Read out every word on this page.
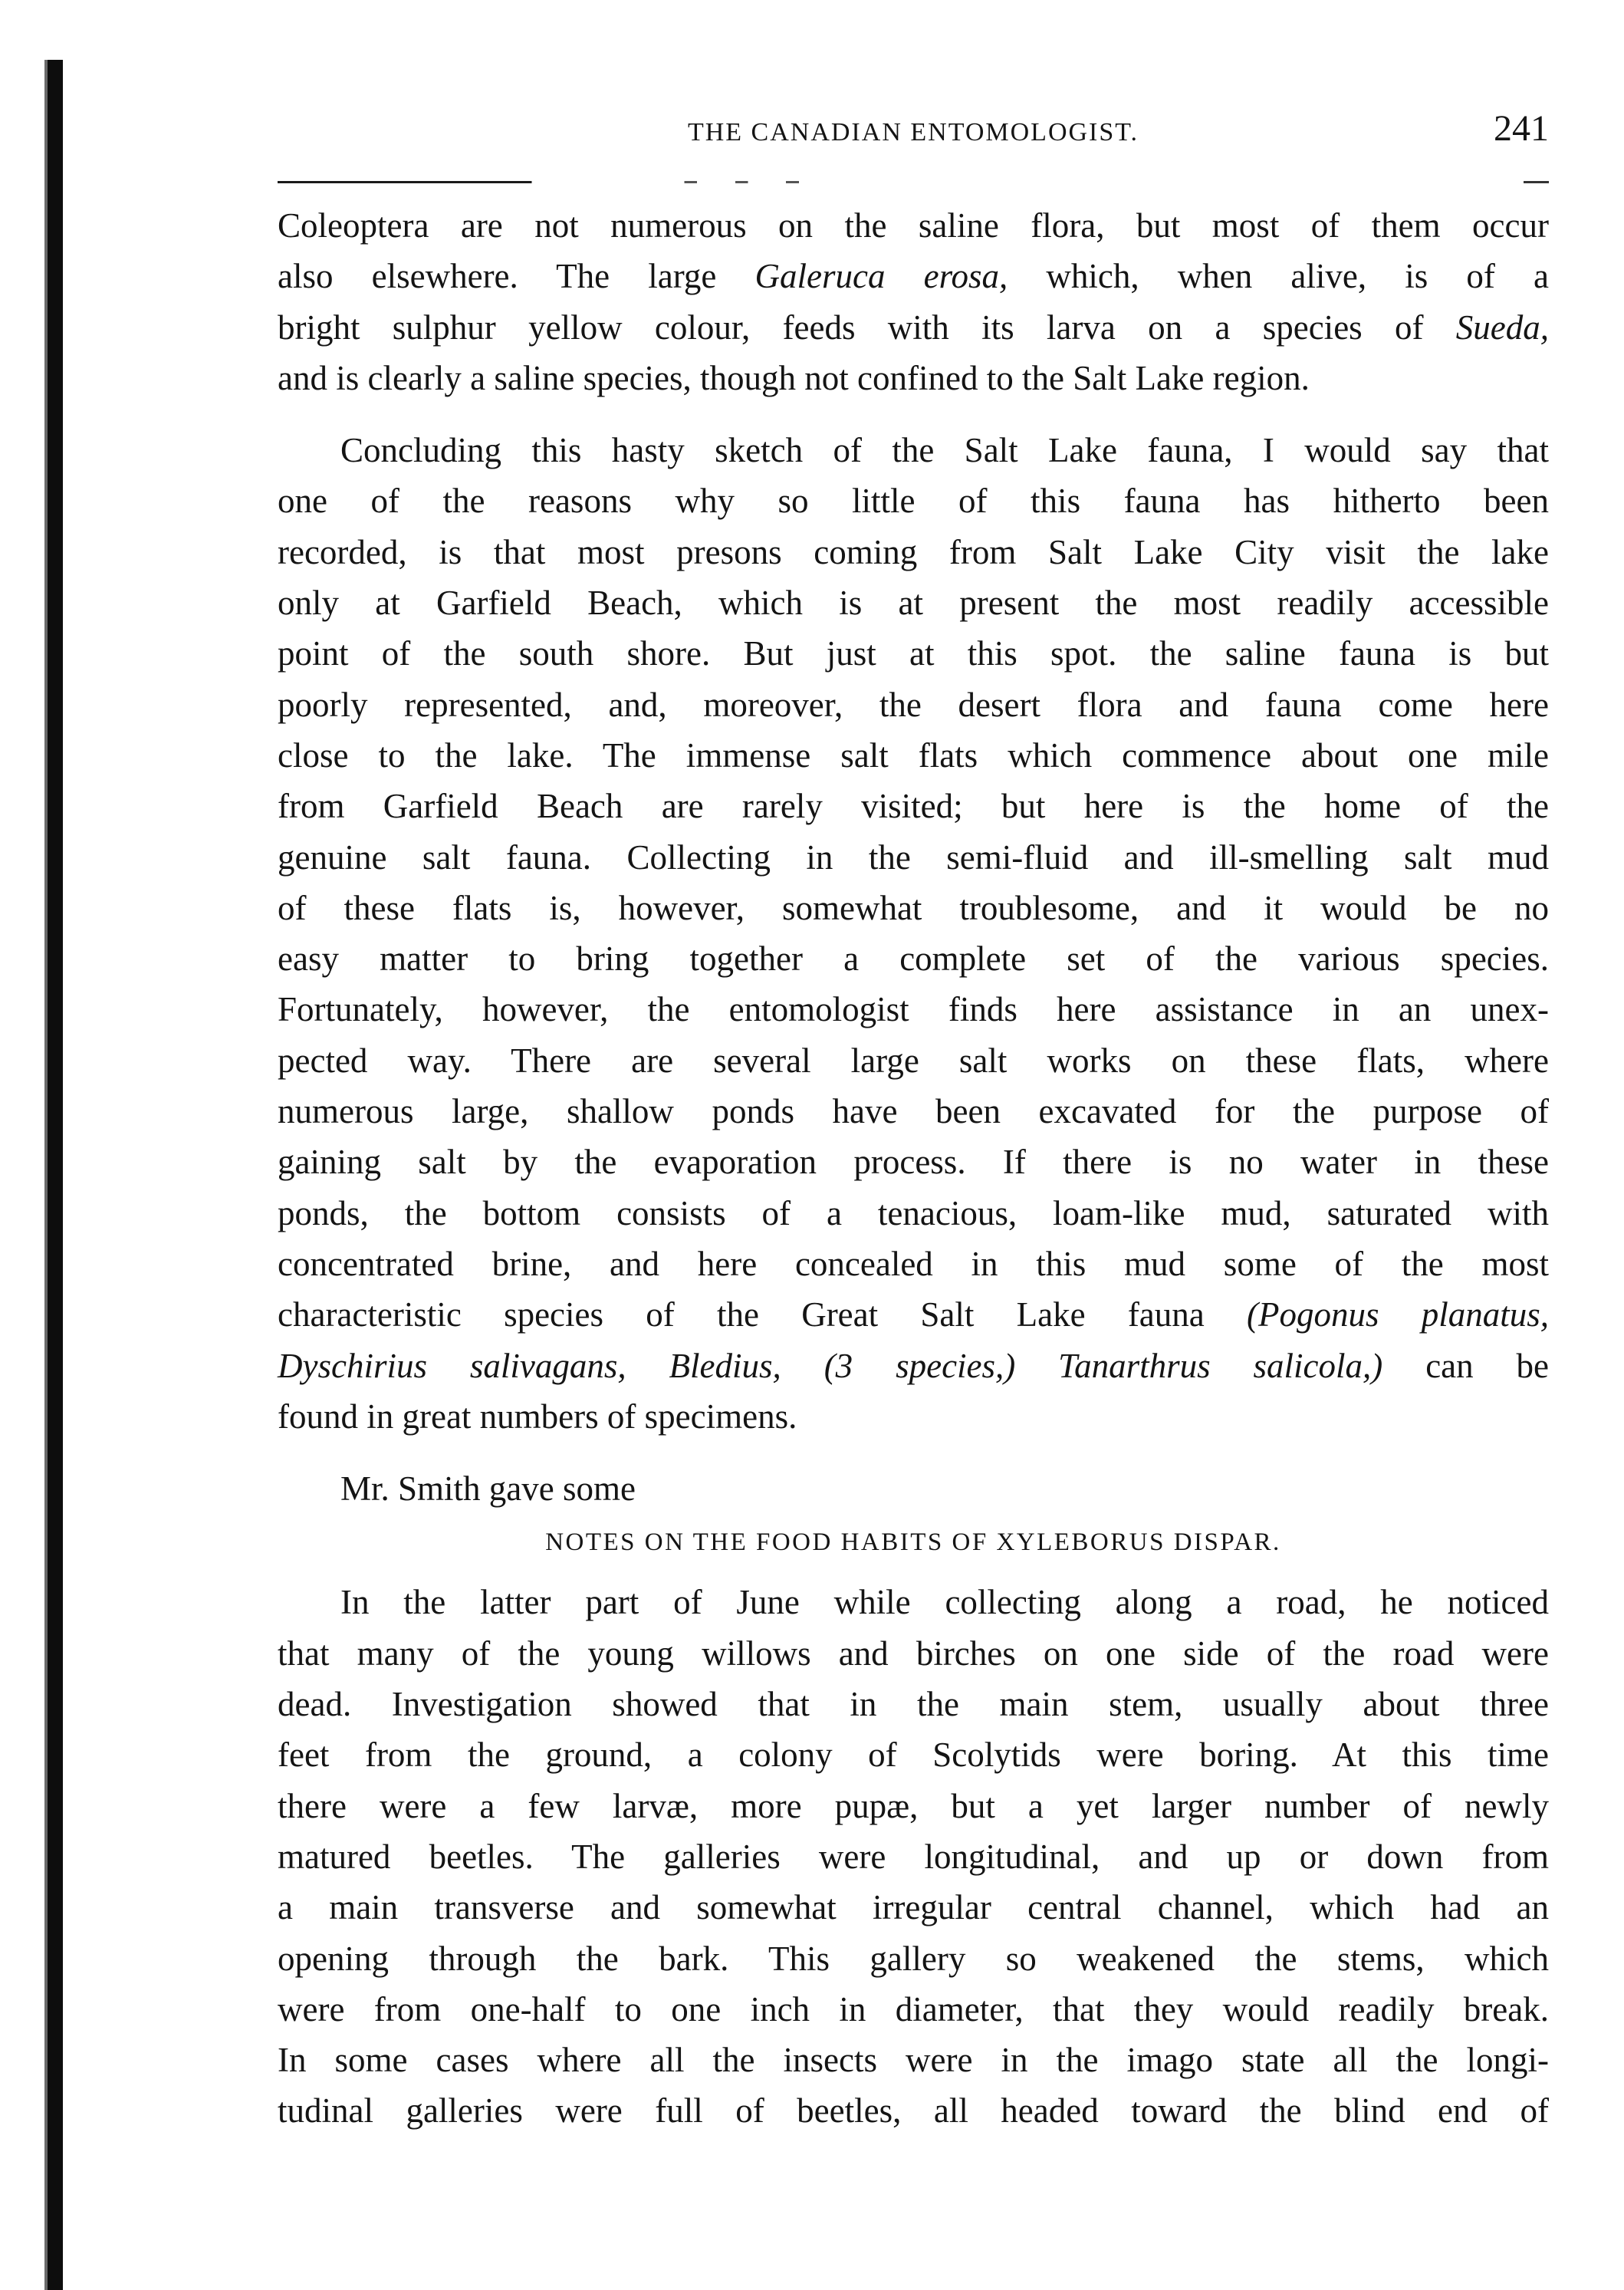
THE CANADIAN ENTOMOLOGIST.	241
Coleoptera are not numerous on the saline flora, but most of them occur
also elsewhere. The large Galeruca erosa, which, when alive, is of a
bright sulphur yellow colour, feeds with its larva on a species of Sueda,
and is clearly a saline species, though not confined to the Salt Lake region.
Concluding this hasty sketch of the Salt Lake fauna, I would say that
one of the reasons why so little of this fauna has hitherto been
recorded, is that most presons coming from Salt Lake City visit the lake
only at Garfield Beach, which is at present the most readily accessible
point of the south shore. But just at this spot. the saline fauna is but
poorly represented, and, moreover, the desert flora and fauna come here
close to the lake. The immense salt flats which commence about one mile
from Garfield Beach are rarely visited; but here is the home of the
genuine salt fauna. Collecting in the semi-fluid and ill-smelling salt mud
of these flats is, however, somewhat troublesome, and it would be no
easy matter to bring together a complete set of the various species.
Fortunately, however, the entomologist finds here assistance in an unex-
pected way. There are several large salt works on these flats, where
numerous large, shallow ponds have been excavated for the purpose of
gaining salt by the evaporation process. If there is no water in these
ponds, the bottom consists of a tenacious, loam-like mud, saturated with
concentrated brine, and here concealed in this mud some of the most
characteristic species of the Great Salt Lake fauna (Pogonus planatus,
Dyschirius salivagans, Bledius, (3 species,) Tanarthrus salicola,) can be
found in great numbers of specimens.
Mr. Smith gave some
NOTES ON THE FOOD HABITS OF XYLEBORUS DISPAR.
In the latter part of June while collecting along a road, he noticed
that many of the young willows and birches on one side of the road were
dead. Investigation showed that in the main stem, usually about three
feet from the ground, a colony of Scolytids were boring. At this time
there were a few larvæ, more pupæ, but a yet larger number of newly
matured beetles. The galleries were longitudinal, and up or down from
a main transverse and somewhat irregular central channel, which had an
opening through the bark. This gallery so weakened the stems, which
were from one-half to one inch in diameter, that they would readily break.
In some cases where all the insects were in the imago state all the longi-
tudinal galleries were full of beetles, all headed toward the blind end of
